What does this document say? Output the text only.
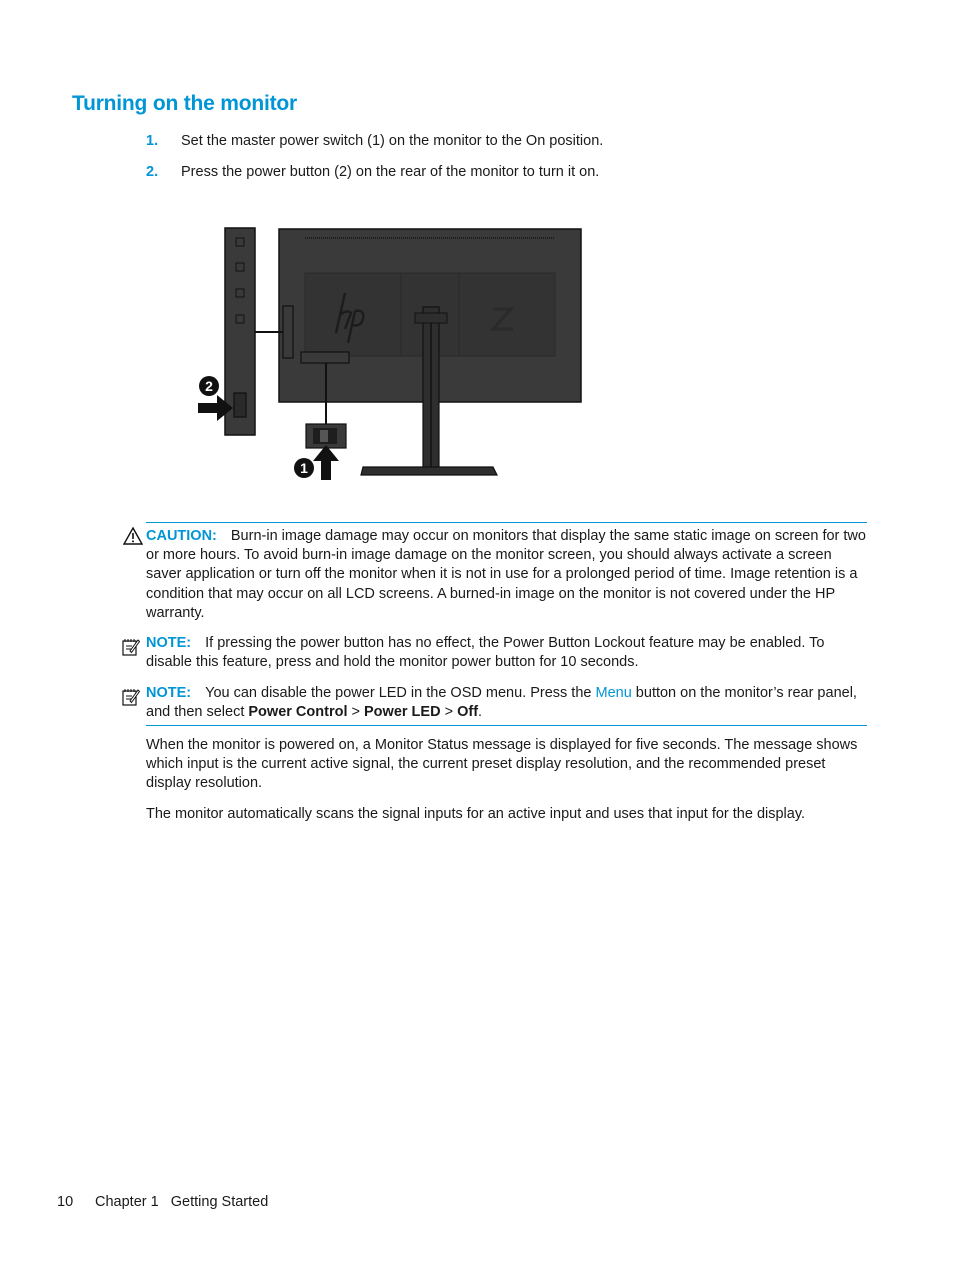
Turning on the monitor
1. Set the master power switch (1) on the monitor to the On position.
2. Press the power button (2) on the rear of the monitor to turn it on.
2
1
CAUTION: Burn-in image damage may occur on monitors that display the same static image on screen for two or more hours. To avoid burn-in image damage on the monitor screen, you should always activate a screen saver application or turn off the monitor when it is not in use for a prolonged period of time. Image retention is a condition that may occur on all LCD screens. A burned-in image on the monitor is not covered under the HP warranty.
NOTE: If pressing the power button has no effect, the Power Button Lockout feature may be enabled. To disable this feature, press and hold the monitor power button for 10 seconds.
NOTE: You can disable the power LED in the OSD menu. Press the Menu button on the monitor’s rear panel, and then select Power Control > Power LED > Off.

When the monitor is powered on, a Monitor Status message is displayed for five seconds. The message shows which input is the current active signal, the current preset display resolution, and the recommended preset display resolution.

The monitor automatically scans the signal inputs for an active input and uses that input for the display.

10 Chapter 1   Getting Started
